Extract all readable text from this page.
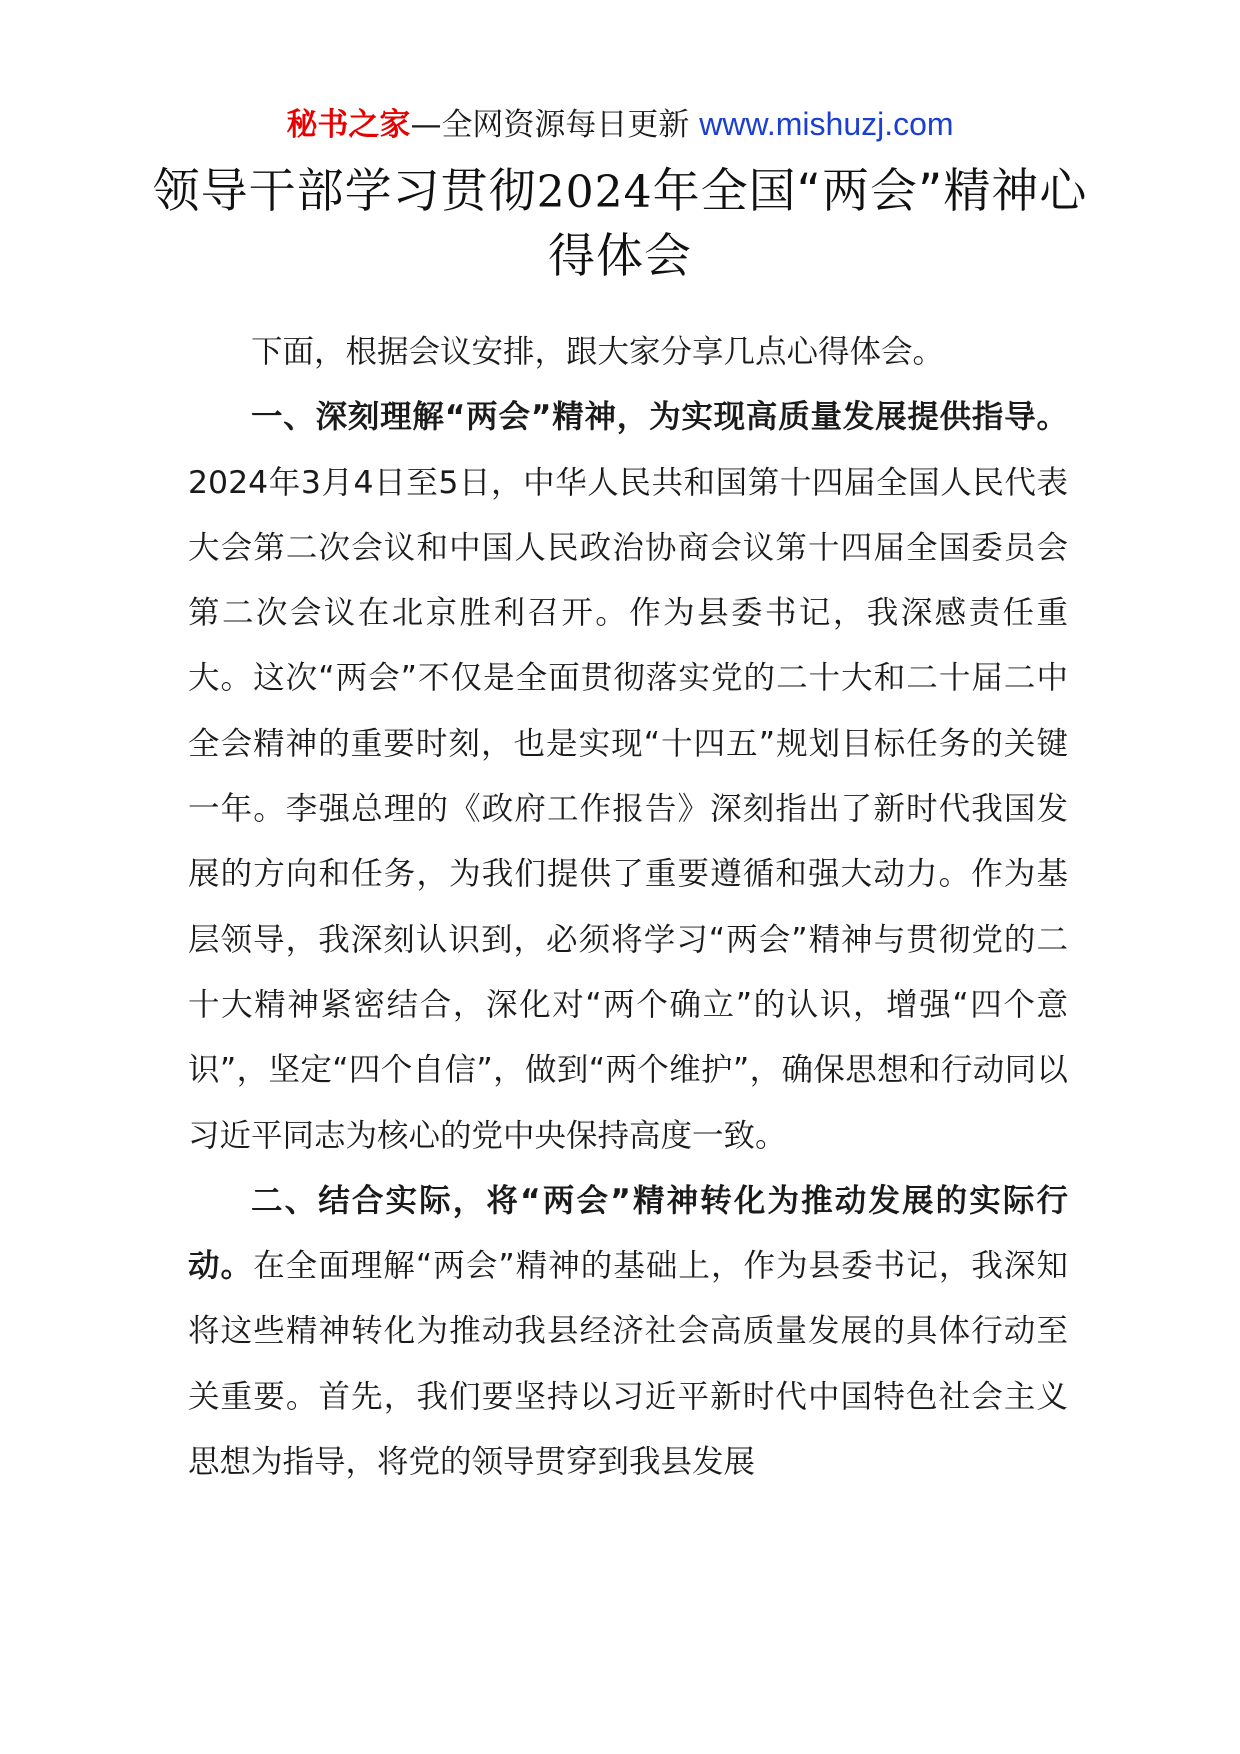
秘书之家—全网资源每日更新 www.mishuzj.com
领导干部学习贯彻2024年全国“两会”精神心得体会

下面，根据会议安排，跟大家分享几点心得体会。

一、深刻理解“两会”精神，为实现高质量发展提供指导。2024年3月4日至5日，中华人民共和国第十四届全国人民代表大会第二次会议和中国人民政治协商会议第十四届全国委员会第二次会议在北京胜利召开。作为县委书记，我深感责任重大。这次“两会”不仅是全面贯彻落实党的二十大和二十届二中全会精神的重要时刻，也是实现“十四五”规划目标任务的关键一年。李强总理的《政府工作报告》深刻指出了新时代我国发展的方向和任务，为我们提供了重要遵循和强大动力。作为基层领导，我深刻认识到，必须将学习“两会”精神与贯彻党的二十大精神紧密结合，深化对“两个确立”的认识，增强“四个意识”，坚定“四个自信”，做到“两个维护”，确保思想和行动同以习近平同志为核心的党中央保持高度一致。

二、结合实际，将“两会”精神转化为推动发展的实际行动。在全面理解“两会”精神的基础上，作为县委书记，我深知将这些精神转化为推动我县经济社会高质量发展的具体行动至关重要。首先，我们要坚持以习近平新时代中国特色社会主义思想为指导，将党的领导贯穿到我县发展
